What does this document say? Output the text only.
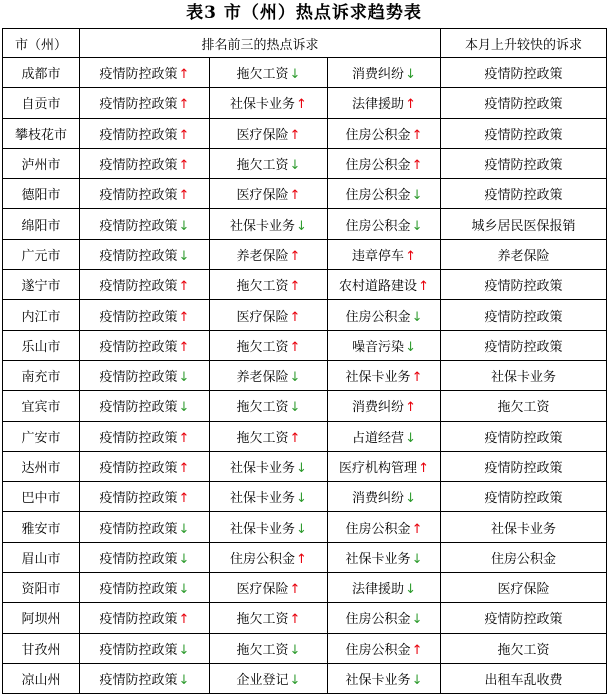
表3 市（州）热点诉求趋势表
市（州）	排名前三的热点诉求			本月上升较快的诉求
成都市	疫情防控政策↑	拖欠工资↓	消费纠纷↓	疫情防控政策
自贡市	疫情防控政策↑	社保卡业务↑	法律援助↑	疫情防控政策
攀枝花市	疫情防控政策↑	医疗保险↑	住房公积金↑	疫情防控政策
泸州市	疫情防控政策↑	拖欠工资↓	住房公积金↑	疫情防控政策
德阳市	疫情防控政策↑	医疗保险↑	住房公积金↓	疫情防控政策
绵阳市	疫情防控政策↓	社保卡业务↓	住房公积金↓	城乡居民医保报销
广元市	疫情防控政策↓	养老保险↑	违章停车↑	养老保险
遂宁市	疫情防控政策↑	拖欠工资↑	农村道路建设↑	疫情防控政策
内江市	疫情防控政策↑	医疗保险↑	住房公积金↓	疫情防控政策
乐山市	疫情防控政策↑	拖欠工资↑	噪音污染↓	疫情防控政策
南充市	疫情防控政策↓	养老保险↓	社保卡业务↑	社保卡业务
宜宾市	疫情防控政策↓	拖欠工资↓	消费纠纷↑	拖欠工资
广安市	疫情防控政策↑	拖欠工资↑	占道经营↓	疫情防控政策
达州市	疫情防控政策↑	社保卡业务↓	医疗机构管理↑	疫情防控政策
巴中市	疫情防控政策↑	社保卡业务↓	消费纠纷↓	疫情防控政策
雅安市	疫情防控政策↓	社保卡业务↓	住房公积金↑	社保卡业务
眉山市	疫情防控政策↓	住房公积金↑	社保卡业务↓	住房公积金
资阳市	疫情防控政策↓	医疗保险↑	法律援助↓	医疗保险
阿坝州	疫情防控政策↑	拖欠工资↑	住房公积金↓	疫情防控政策
甘孜州	疫情防控政策↓	拖欠工资↓	住房公积金↑	拖欠工资
凉山州	疫情防控政策↓	企业登记↓	社保卡业务↓	出租车乱收费
